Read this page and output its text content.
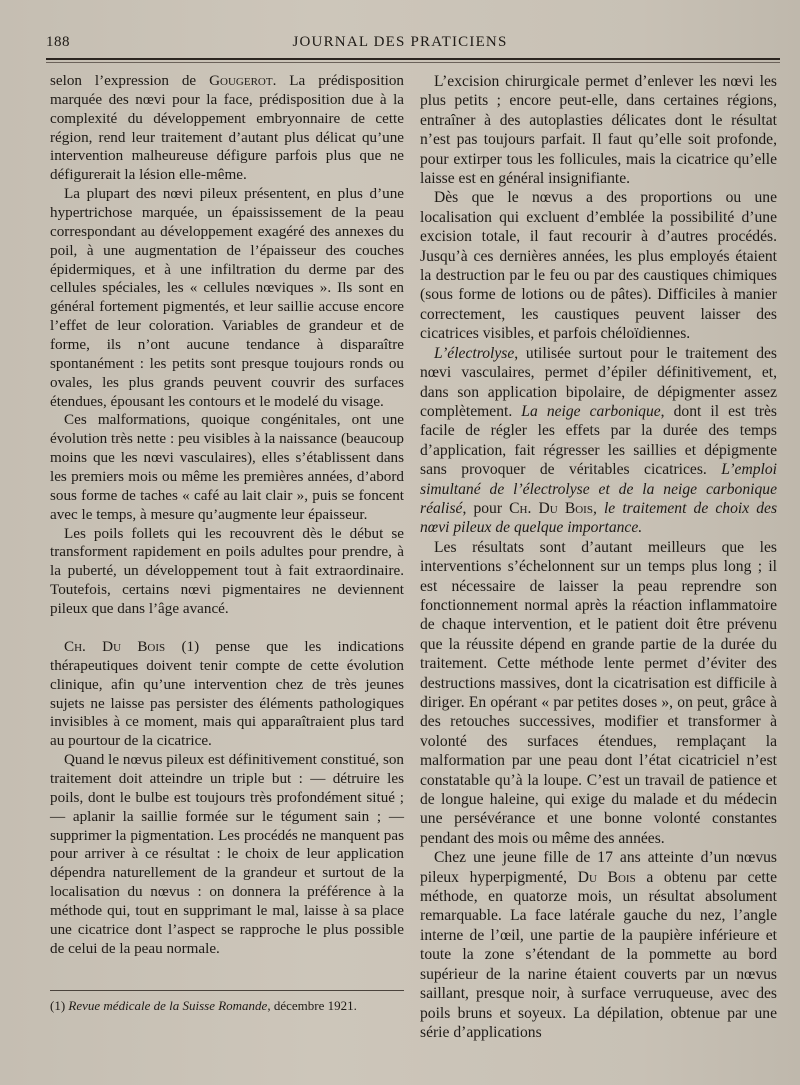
188	JOURNAL DES PRATICIENS

selon l’expression de Gougerot. La prédisposition marquée des nœvi pour la face, prédisposition due à la complexité du développement embryonnaire de cette région, rend leur traitement d’autant plus délicat qu’une intervention malheureuse défigure parfois plus que ne défigurerait la lésion elle-même.

La plupart des nœvi pileux présentent, en plus d’une hypertrichose marquée, un épaississement de la peau correspondant au développement exagéré des annexes du poil, à une augmentation de l’épaisseur des couches épidermiques, et à une infiltration du derme par des cellules spéciales, les « cellules nœviques ». Ils sont en général fortement pigmentés, et leur saillie accuse encore l’effet de leur coloration. Variables de grandeur et de forme, ils n’ont aucune tendance à disparaître spontanément : les petits sont presque toujours ronds ou ovales, les plus grands peuvent couvrir des surfaces étendues, épousant les contours et le modelé du visage.

Ces malformations, quoique congénitales, ont une évolution très nette : peu visibles à la naissance (beaucoup moins que les nœvi vasculaires), elles s’établissent dans les premiers mois ou même les premières années, d’abord sous forme de taches « café au lait clair », puis se foncent avec le temps, à mesure qu’augmente leur épaisseur.

Les poils follets qui les recouvrent dès le début se transforment rapidement en poils adultes pour prendre, à la puberté, un développement tout à fait extraordinaire. Toutefois, certains nœvi pigmentaires ne deviennent pileux que dans l’âge avancé.

Ch. Du Bois (1) pense que les indications thérapeutiques doivent tenir compte de cette évolution clinique, afin qu’une intervention chez de très jeunes sujets ne laisse pas persister des éléments pathologiques invisibles à ce moment, mais qui apparaîtraient plus tard au pourtour de la cicatrice.

Quand le nœvus pileux est définitivement constitué, son traitement doit atteindre un triple but : — détruire les poils, dont le bulbe est toujours très profondément situé ; — aplanir la saillie formée sur le tégument sain ; — supprimer la pigmentation. Les procédés ne manquent pas pour arriver à ce résultat : le choix de leur application dépendra naturellement de la grandeur et surtout de la localisation du nœvus : on donnera la préférence à la méthode qui, tout en supprimant le mal, laisse à sa place une cicatrice dont l’aspect se rapproche le plus possible de celui de la peau normale.

(1) Revue médicale de la Suisse Romande, décembre 1921.

L’excision chirurgicale permet d’enlever les nœvi les plus petits ; encore peut-elle, dans certaines régions, entraîner à des autoplasties délicates dont le résultat n’est pas toujours parfait. Il faut qu’elle soit profonde, pour extirper tous les follicules, mais la cicatrice qu’elle laisse est en général insignifiante.

Dès que le nœvus a des proportions ou une localisation qui excluent d’emblée la possibilité d’une excision totale, il faut recourir à d’autres procédés. Jusqu’à ces dernières années, les plus employés étaient la destruction par le feu ou par des caustiques chimiques (sous forme de lotions ou de pâtes). Difficiles à manier correctement, les caustiques peuvent laisser des cicatrices visibles, et parfois chéloïdiennes.

L’électrolyse, utilisée surtout pour le traitement des nœvi vasculaires, permet d’épiler définitivement, et, dans son application bipolaire, de dépigmenter assez complètement. La neige carbonique, dont il est très facile de régler les effets par la durée des temps d’application, fait régresser les saillies et dépigmente sans provoquer de véritables cicatrices. L’emploi simultané de l’électrolyse et de la neige carbonique réalisé, pour Ch. Du Bois, le traitement de choix des nœvi pileux de quelque importance.

Les résultats sont d’autant meilleurs que les interventions s’échelonnent sur un temps plus long ; il est nécessaire de laisser la peau reprendre son fonctionnement normal après la réaction inflammatoire de chaque intervention, et le patient doit être prévenu que la réussite dépend en grande partie de la durée du traitement. Cette méthode lente permet d’éviter des destructions massives, dont la cicatrisation est difficile à diriger. En opérant « par petites doses », on peut, grâce à des retouches successives, modifier et transformer à volonté des surfaces étendues, remplaçant la malformation par une peau dont l’état cicatriciel n’est constatable qu’à la loupe. C’est un travail de patience et de longue haleine, qui exige du malade et du médecin une persévérance et une bonne volonté constantes pendant des mois ou même des années.

Chez une jeune fille de 17 ans atteinte d’un nœvus pileux hyperpigmenté, Du Bois a obtenu par cette méthode, en quatorze mois, un résultat absolument remarquable. La face latérale gauche du nez, l’angle interne de l’œil, une partie de la paupière inférieure et toute la zone s’étendant de la pommette au bord supérieur de la narine étaient couverts par un nœvus saillant, presque noir, à surface verruqueuse, avec des poils bruns et soyeux. La dépilation, obtenue par une série d’applications
